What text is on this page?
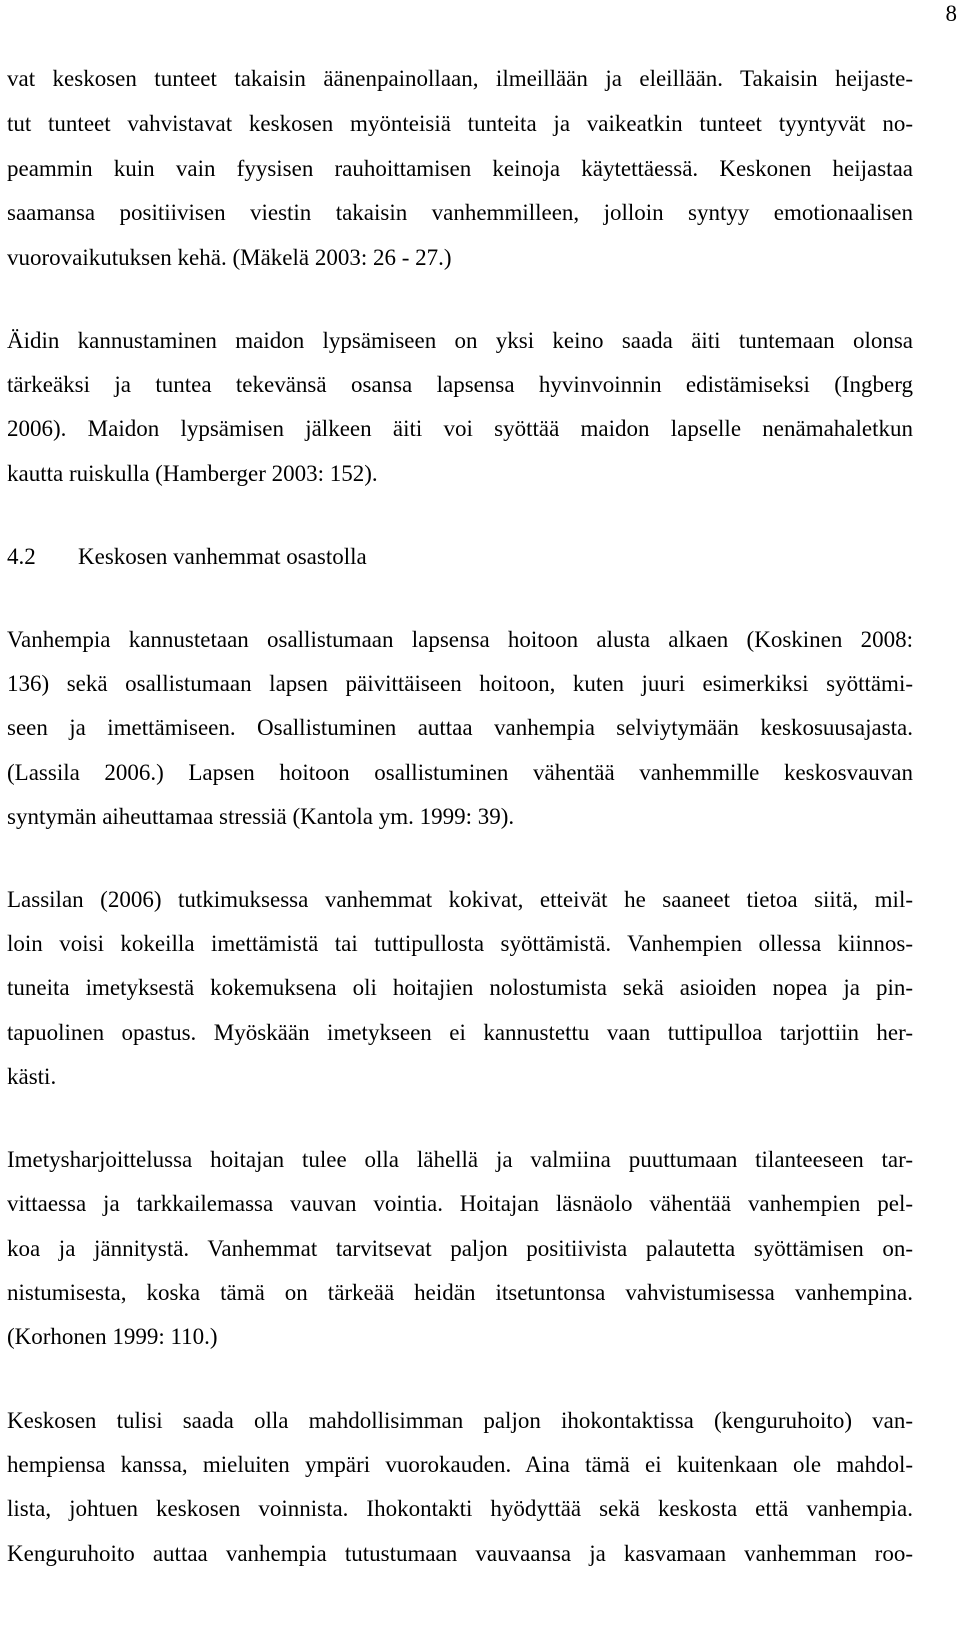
8
vat keskosen tunteet takaisin äänenpainollaan, ilmeillään ja eleillään. Takaisin heijaste-
tut tunteet vahvistavat keskosen myönteisiä tunteita ja vaikeatkin tunteet tyyntyvät no-
peammin kuin vain fyysisen rauhoittamisen keinoja käytettäessä. Keskonen heijastaa
saamansa positiivisen viestin takaisin vanhemmilleen, jolloin syntyy emotionaalisen
vuorovaikutuksen kehä. (Mäkelä 2003: 26 - 27.)
Äidin kannustaminen maidon lypsämiseen on yksi keino saada äiti tuntemaan olonsa
tärkeäksi ja tuntea tekevänsä osansa lapsensa hyvinvoinnin edistämiseksi (Ingberg
2006). Maidon lypsämisen jälkeen äiti voi syöttää maidon lapselle nenämahaletkun
kautta ruiskulla (Hamberger 2003: 152).
4.2 Keskosen vanhemmat osastolla
Vanhempia kannustetaan osallistumaan lapsensa hoitoon alusta alkaen (Koskinen 2008:
136) sekä osallistumaan lapsen päivittäiseen hoitoon, kuten juuri esimerkiksi syöttämi-
seen ja imettämiseen. Osallistuminen auttaa vanhempia selviytymään keskosuusajasta.
(Lassila 2006.) Lapsen hoitoon osallistuminen vähentää vanhemmille keskosvauvan
syntymän aiheuttamaa stressiä (Kantola ym. 1999: 39).
Lassilan (2006) tutkimuksessa vanhemmat kokivat, etteivät he saaneet tietoa siitä, mil-
loin voisi kokeilla imettämistä tai tuttipullosta syöttämistä. Vanhempien ollessa kiinnos-
tuneita imetyksestä kokemuksena oli hoitajien nolostumista sekä asioiden nopea ja pin-
tapuolinen opastus. Myöskään imetykseen ei kannustettu vaan tuttipulloa tarjottiin her-
kästi.
Imetysharjoittelussa hoitajan tulee olla lähellä ja valmiina puuttumaan tilanteeseen tar-
vittaessa ja tarkkailemassa vauvan vointia. Hoitajan läsnäolo vähentää vanhempien pel-
koa ja jännitystä. Vanhemmat tarvitsevat paljon positiivista palautetta syöttämisen on-
nistumisesta, koska tämä on tärkeää heidän itsetuntonsa vahvistumisessa vanhempina.
(Korhonen 1999: 110.)
Keskosen tulisi saada olla mahdollisimman paljon ihokontaktissa (kenguruhoito) van-
hempiensa kanssa, mieluiten ympäri vuorokauden. Aina tämä ei kuitenkaan ole mahdol-
lista, johtuen keskosen voinnista. Ihokontakti hyödyttää sekä keskosta että vanhempia.
Kenguruhoito auttaa vanhempia tutustumaan vauvaansa ja kasvamaan vanhemman roo-
